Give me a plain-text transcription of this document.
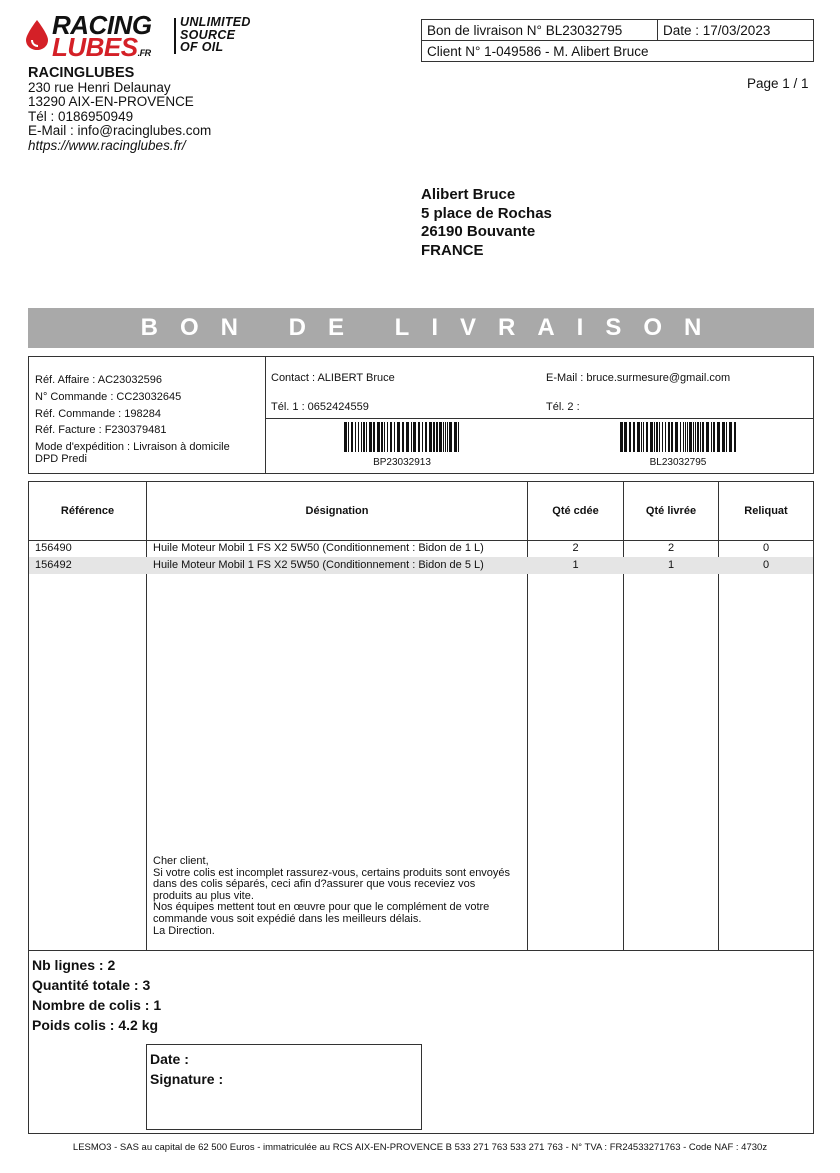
RACING
LUBES.FR
UNLIMITED
SOURCE
OF OIL
RACINGLUBES
230 rue Henri Delaunay
13290 AIX-EN-PROVENCE
Tél : 0186950949
E-Mail : info@racinglubes.com
https://www.racinglubes.fr/
Bon de livraison N° BL23032795	Date : 17/03/2023
Client N° 1-049586 - M. Alibert Bruce
Page 1 / 1
Alibert Bruce
5 place de Rochas
26190 Bouvante
FRANCE
BON DE LIVRAISON
Réf. Affaire : AC23032596
N° Commande : CC23032645
Réf. Commande : 198284
Réf. Facture : F230379481
Mode d'expédition : Livraison à domicile
DPD Predi
Contact : ALIBERT Bruce
Tél. 1 : 0652424559
E-Mail : bruce.surmesure@gmail.com
Tél. 2 :
BP23032913	BL23032795
Référence	Désignation	Qté cdée	Qté livrée	Reliquat
156490	Huile Moteur Mobil 1 FS X2 5W50 (Conditionnement : Bidon de 1 L)	2	2	0
156492	Huile Moteur Mobil 1 FS X2 5W50 (Conditionnement : Bidon de 5 L)	1	1	0
Cher client,
Si votre colis est incomplet rassurez-vous, certains produits sont envoyés
dans des colis séparés, ceci afin d?assurer que vous receviez vos
produits au plus vite.
Nos équipes mettent tout en œuvre pour que le complément de votre
commande vous soit expédié dans les meilleurs délais.
La Direction.
Nb lignes : 2
Quantité totale : 3
Nombre de colis : 1
Poids colis : 4.2 kg
Date :
Signature :
LESMO3 - SAS au capital de 62 500 Euros - immatriculée au RCS AIX-EN-PROVENCE B 533 271 763 533 271 763 - N° TVA : FR24533271763 - Code NAF : 4730z
